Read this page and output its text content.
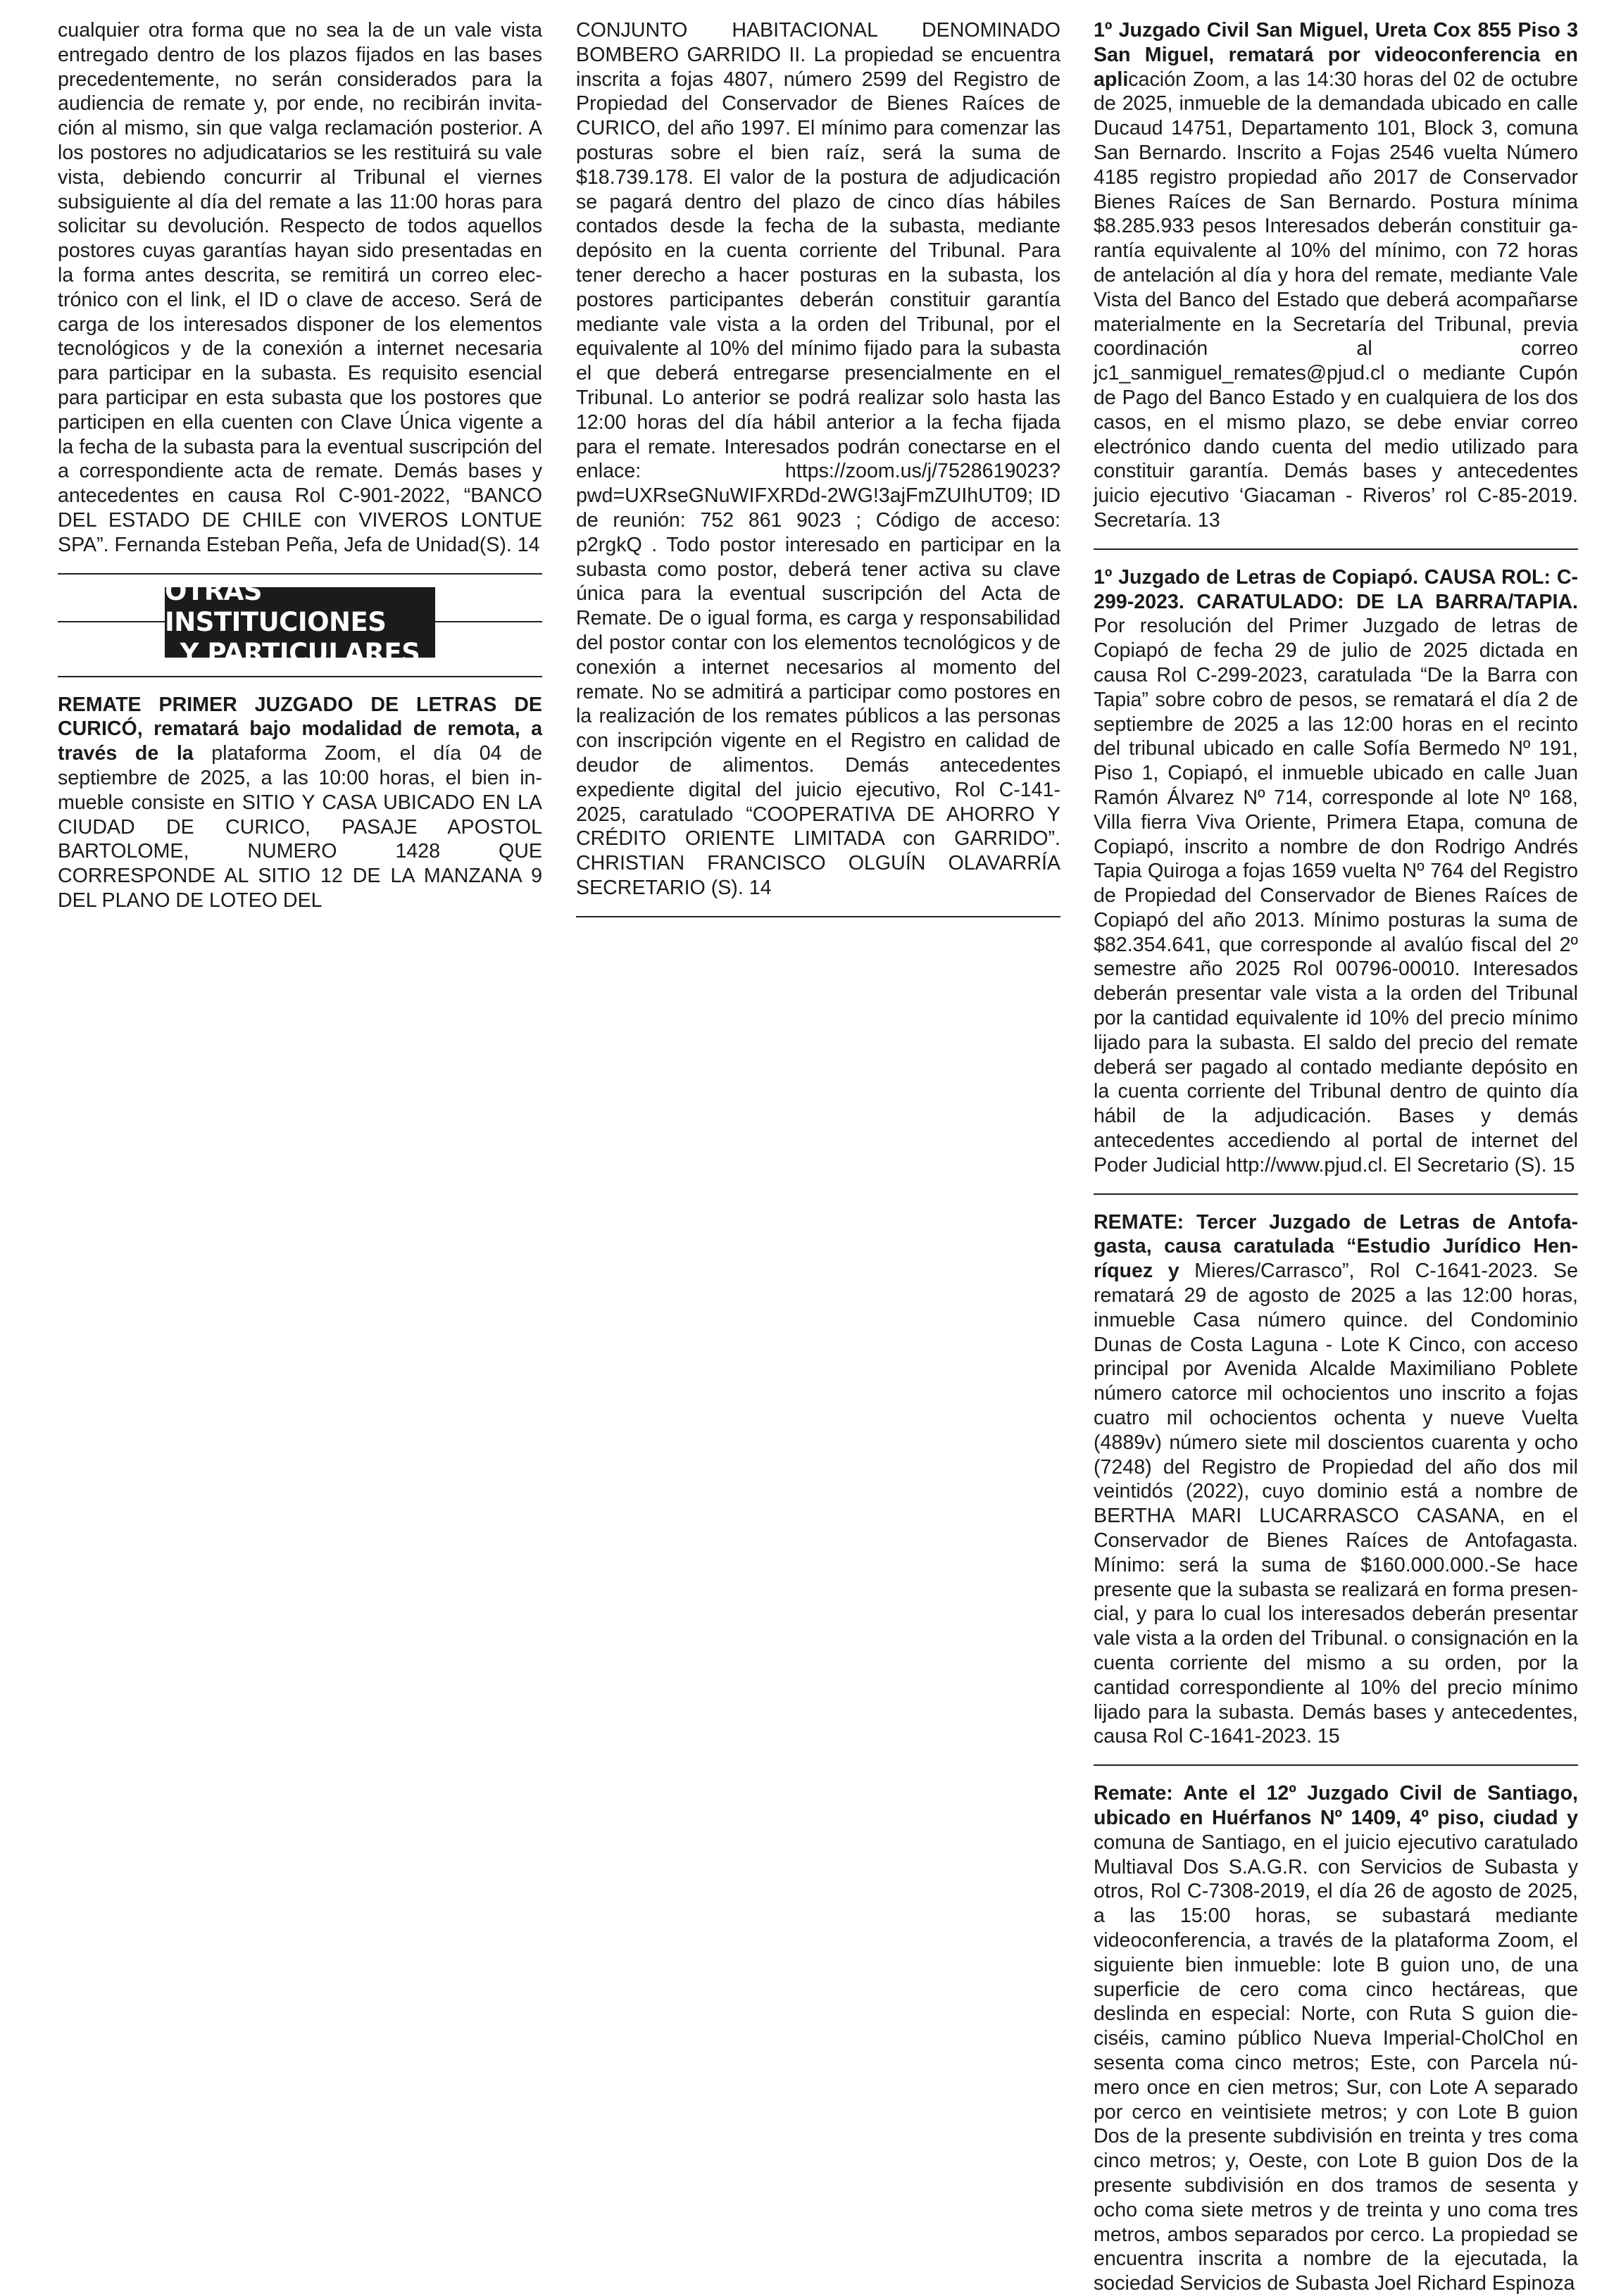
cualquier otra forma que no sea la de un vale vista entregado dentro de los plazos fijados en las bases precedentemente, no serán considerados para la audiencia de remate y, por ende, no recibirán invitación al mismo, sin que valga reclamación posterior. A los postores no adjudicatarios se les restituirá su vale vista, debiendo concurrir al Tribunal el viernes subsiguiente al día del remate a las 11:00 horas para solicitar su devolución. Respecto de todos aquellos postores cuyas garantías hayan sido presentadas en la forma antes descrita, se remitirá un correo electrónico con el link, el ID o clave de acceso. Será de carga de los interesados disponer de los elementos tecnológicos y de la conexión a internet necesaria para participar en la subasta. Es requisito esencial para participar en esta subasta que los postores que participen en ella cuenten con Clave Única vigente a la fecha de la subasta para la eventual suscripción del a correspondiente acta de remate. Demás bases y antecedentes en causa Rol C-901-2022, “BANCO DEL ESTADO DE CHILE con VIVEROS LONTUE SPA”. Fernanda Esteban Peña, Jefa de Unidad(S). 14

OTRAS INSTITUCIONES
Y PARTICULARES

REMATE PRIMER JUZGADO DE LETRAS DE CURICÓ, rematará bajo modalidad de remota, a través de la plataforma Zoom, el día 04 de septiembre de 2025, a las 10:00 horas, el bien inmueble consiste en SITIO Y CASA UBICADO EN LA CIUDAD DE CURICO, PASAJE APOSTOL BARTOLOME, NUMERO 1428 QUE CORRESPONDE AL SITIO 12 DE LA MANZANA 9 DEL PLANO DE LOTEO DEL

CONJUNTO HABITACIONAL DENOMINADO BOMBERO GARRIDO II. La propiedad se encuentra inscrita a fojas 4807, número 2599 del Registro de Propiedad del Conservador de Bienes Raíces de CURICO, del año 1997. El mínimo para comenzar las posturas sobre el bien raíz, será la suma de $18.739.178. El valor de la postura de adjudicación se pagará dentro del plazo de cinco días hábiles contados desde la fecha de la subasta, mediante depósito en la cuenta corriente del Tribunal. Para tener derecho a hacer posturas en la subasta, los postores participantes deberán constituir garantía mediante vale vista a la orden del Tribunal, por el equivalente al 10% del mínimo fijado para la subasta el que deberá entregarse presencialmente en el Tribunal. Lo anterior se podrá realizar solo hasta las 12:00 horas del día hábil anterior a la fecha fijada para el remate. Interesados podrán conectarse en el enlace: https://zoom.us/j/7528619023?pwd=UXRseGNuWIFXRDd-2WG!3ajFmZUIhUT09; ID de reunión: 752 861 9023 ; Código de acceso: p2rgkQ . Todo postor interesado en participar en la subasta como postor, deberá tener activa su clave única para la eventual suscripción del Acta de Remate. De o igual forma, es carga y responsabilidad del postor contar con los elementos tecnológicos y de conexión a internet necesarios al momento del remate. No se admitirá a participar como postores en la realización de los remates públicos a las personas con inscripción vigente en el Registro en calidad de deudor de alimentos. Demás antecedentes expediente digital del juicio ejecutivo, Rol C-141-2025, caratulado “COOPERATIVA DE AHORRO Y CRÉDITO ORIENTE LIMITADA con GARRIDO”. CHRISTIAN FRANCISCO OLGUÍN OLAVARRÍA SECRETARIO (S). 14

1º Juzgado Civil San Miguel, Ureta Cox 855 Piso 3 San Miguel, rematará por videoconferencia en aplicación Zoom, a las 14:30 horas del 02 de octubre de 2025, inmueble de la demandada ubicado en calle Ducaud 14751, Departamento 101, Block 3, comuna San Bernardo. Inscrito a Fojas 2546 vuelta Número 4185 registro propiedad año 2017 de Conservador Bienes Raíces de San Bernardo. Postura mínima $8.285.933 pesos Interesados deberán constituir garantía equivalente al 10% del mínimo, con 72 horas de antelación al día y hora del remate, mediante Vale Vista del Banco del Estado que deberá acompañarse materialmente en la Secretaría del Tribunal, previa coordinación al correo jc1_sanmiguel_remates@pjud.cl o mediante Cupón de Pago del Banco Estado y en cualquiera de los dos casos, en el mismo plazo, se debe enviar correo electrónico dando cuenta del medio utilizado para constituir garantía. Demás bases y antecedentes juicio ejecutivo ‘Giacaman - Riveros’ rol C-85-2019. Secretaría. 13

1º Juzgado de Letras de Copiapó. CAUSA ROL: C-299-2023. CARATULADO: DE LA BARRA/TAPIA. Por resolución del Primer Juzgado de letras de Copiapó de fecha 29 de julio de 2025 dictada en causa Rol C-299-2023, caratulada “De la Barra con Tapia” sobre cobro de pesos, se rematará el día 2 de septiembre de 2025 a las 12:00 horas en el recinto del tribunal ubicado en calle Sofía Bermedo Nº 191, Piso 1, Copiapó, el inmueble ubicado en calle Juan Ramón Álvarez Nº 714, corresponde al lote Nº 168, Villa fierra Viva Oriente, Primera Etapa, comuna de Copiapó, inscrito a nombre de don Rodrigo Andrés Tapia Quiroga a fojas 1659 vuelta Nº 764 del Registro de Propiedad del Conservador de Bienes Raíces de Copiapó del año 2013. Mínimo posturas la suma de $82.354.641, que corresponde al avalúo fiscal del 2º semestre año 2025 Rol 00796-00010. Interesados deberán presentar vale vista a la orden del Tribunal por la cantidad equivalente id 10% del precio mínimo lijado para la subasta. El saldo del precio del remate deberá ser pagado al contado mediante depósito en la cuenta corriente del Tribunal dentro de quinto día hábil de la adjudicación. Bases y demás antecedentes accediendo al portal de internet del Poder Judicial http://www.pjud.cl. El Secretario (S). 15

REMATE: Tercer Juzgado de Letras de Antofagasta, causa caratulada “Estudio Jurídico Henríquez y Mieres/Carrasco”, Rol C-1641-2023. Se rematará 29 de agosto de 2025 a las 12:00 horas, inmueble Casa número quince. del Condominio Dunas de Costa Laguna - Lote K Cinco, con acceso principal por Avenida Alcalde Maximiliano Poblete número catorce mil ochocientos uno inscrito a fojas cuatro mil ochocientos ochenta y nueve Vuelta (4889v) número siete mil doscientos cuarenta y ocho (7248) del Registro de Propiedad del año dos mil veintidós (2022), cuyo dominio está a nombre de BERTHA MARI LUCARRASCO CASANA, en el Conservador de Bienes Raíces de Antofagasta. Mínimo: será la suma de $160.000.000.-Se hace presente que la subasta se realizará en forma presencial, y para lo cual los interesados deberán presentar vale vista a la orden del Tribunal. o consignación en la cuenta corriente del mismo a su orden, por la cantidad correspondiente al 10% del precio mínimo lijado para la subasta. Demás bases y antecedentes, causa Rol C-1641-2023. 15

Remate: Ante el 12º Juzgado Civil de Santiago, ubicado en Huérfanos Nº 1409, 4º piso, ciudad y comuna de Santiago, en el juicio ejecutivo caratulado Multiaval Dos S.A.G.R. con Servicios de Subasta y otros, Rol C-7308-2019, el día 26 de agosto de 2025, a las 15:00 horas, se subastará mediante videoconferencia, a través de la plataforma Zoom, el siguiente bien inmueble: lote B guion uno, de una superficie de cero coma cinco hectáreas, que deslinda en especial: Norte, con Ruta S guion dieciséis, camino público Nueva Imperial-CholChol en sesenta coma cinco metros; Este, con Parcela número once en cien metros; Sur, con Lote A separado por cerco en veintisiete metros; y con Lote B guion Dos de la presente subdivisión en treinta y tres coma cinco metros; y, Oeste, con Lote B guion Dos de la presente subdivisión en dos tramos de sesenta y ocho coma siete metros y de treinta y uno coma tres metros, ambos separados por cerco. La propiedad se encuentra inscrita a nombre de la ejecutada, la sociedad Servicios de Subasta Joel Richard Espinoza
